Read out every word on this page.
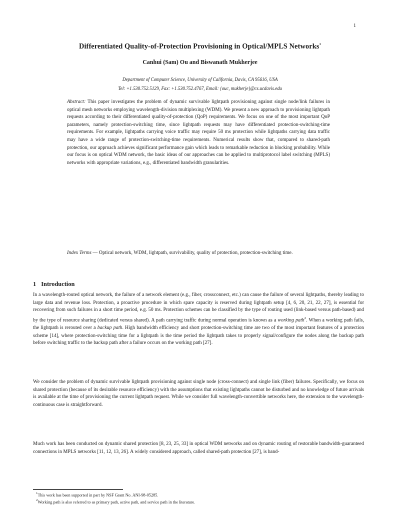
1
Differentiated Quality-of-Protection Provisioning in Optical/MPLS Networks$^1$
Canhui (Sam) Ou and Biswanath Mukherjee
Department of Computer Science, University of California, Davis, CA 95616, USA
Tel: +1.530.752.5129, Fax: +1.530.752.4767, Email: {ouc, mukherje}@cs.ucdavis.edu
Abstract: This paper investigates the problem of dynamic survivable lightpath provisioning against single node/link failures in optical mesh networks employing wavelength-division multiplexing (WDM). We present a new approach to provisioning lightpath requests according to their differentiated quality-of-protection (QoP) requirements. We focus on one of the most important QoP parameters, namely protection-switching time, since lightpath requests may have differentiated protection-switching-time requirements. For example, lightpaths carrying voice traffic may require 50 ms protection while lightpaths carrying data traffic may have a wide range of protection-switching-time requirements. Numerical results show that, compared to shared-path protection, our approach achieves significant performance gain which leads to remarkable reduction in blocking probability. While our focus is on optical WDM network, the basic ideas of our approaches can be applied to multiprotocol label switching (MPLS) networks with appropriate variations, e.g., differentiated bandwidth granularities.
Index Terms — Optical network, WDM, lightpath, survivability, quality of protection, protection-switching time.
1 Introduction

In a wavelength-routed optical network, the failure of a network element (e.g., fiber, crossconnect, etc.) can cause the failure of several lightpaths, thereby leading to large data and revenue loss. Protection, a proactive procedure in which spare capacity is reserved during lightpath setup [4, 6, 20, 21, 22, 27], is essential for recovering from such failures in a short time period, e.g. 50 ms. Protection schemes can be classified by the type of routing used (link-based versus path-based) and by the type of resource sharing (dedicated versus shared). A path carrying traffic during normal operation is known as a working path$^2$. When a working path fails, the lightpath is rerouted over a backup path. High bandwidth efficiency and short protection-switching time are two of the most important features of a protection scheme [14], where protection-switching time for a lightpath is the time period the lightpath takes to properly signal/configure the nodes along the backup path before switching traffic to the backup path after a failure occurs on the working path [27].

We consider the problem of dynamic survivable lightpath provisioning against single node (cross-connect) and single link (fiber) failures. Specifically, we focus on shared protection (because of its desirable resource efficiency) with the assumptions that existing lightpaths cannot be disturbed and no knowledge of future arrivals is available at the time of provisioning the current lightpath request. While we consider full wavelength-convertible networks here, the extension to the wavelength-continuous case is straightforward.

Much work has been conducted on dynamic shared protection [8, 23, 25, 33] in optical WDM networks and on dynamic routing of restorable bandwidth-guaranteed connections in MPLS networks [11, 12, 13, 26]. A widely considered approach, called shared-path protection [27], is band-

$^1$This work has been supported in part by NSF Grant No. ANI-98-05285.
$^2$Working path is also referred to as primary path, active path, and service path in the literature.
